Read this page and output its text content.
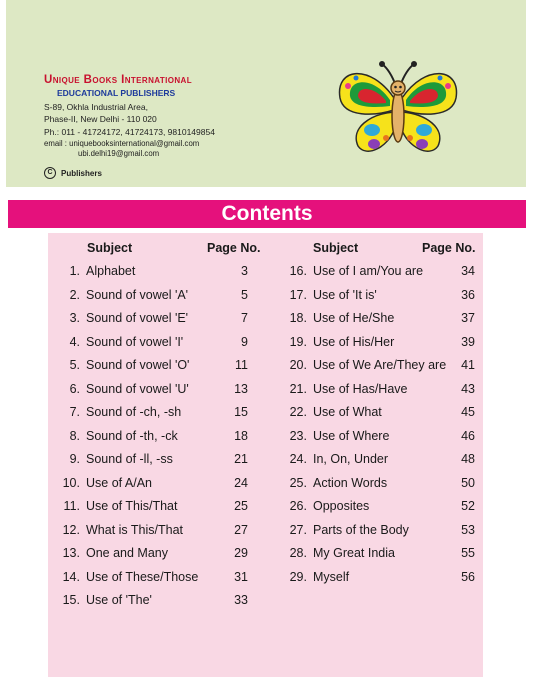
Unique Books International
EDUCATIONAL PUBLISHERS
S-89, Okhla Industrial Area,
Phase-II, New Delhi - 110 020
Ph.: 011 - 41724172, 41724173, 9810149854
email : uniquebooksinternational@gmail.com
ubi.delhi19@gmail.com
C	Publishers
Contents
Subject	Page No.	Subject	Page No.
1. Alphabet	3
2. Sound of vowel 'A'	5
3. Sound of vowel 'E'	7
4. Sound of vowel 'I'	9
5. Sound of vowel 'O'	11
6. Sound of vowel 'U'	13
7. Sound of -ch, -sh	15
8. Sound of -th, -ck	18
9. Sound of -ll, -ss	21
10. Use of A/An	24
11. Use of This/That	25
12. What is This/That	27
13. One and Many	29
14. Use of These/Those	31
15. Use of 'The'	33
16. Use of I am/You are	34
17. Use of 'It is'	36
18. Use of He/She	37
19. Use of His/Her	39
20. Use of We Are/They are	41
21. Use of Has/Have	43
22. Use of What	45
23. Use of Where	46
24. In, On, Under	48
25. Action Words	50
26. Opposites	52
27. Parts of the Body	53
28. My Great India	55
29. Myself	56
